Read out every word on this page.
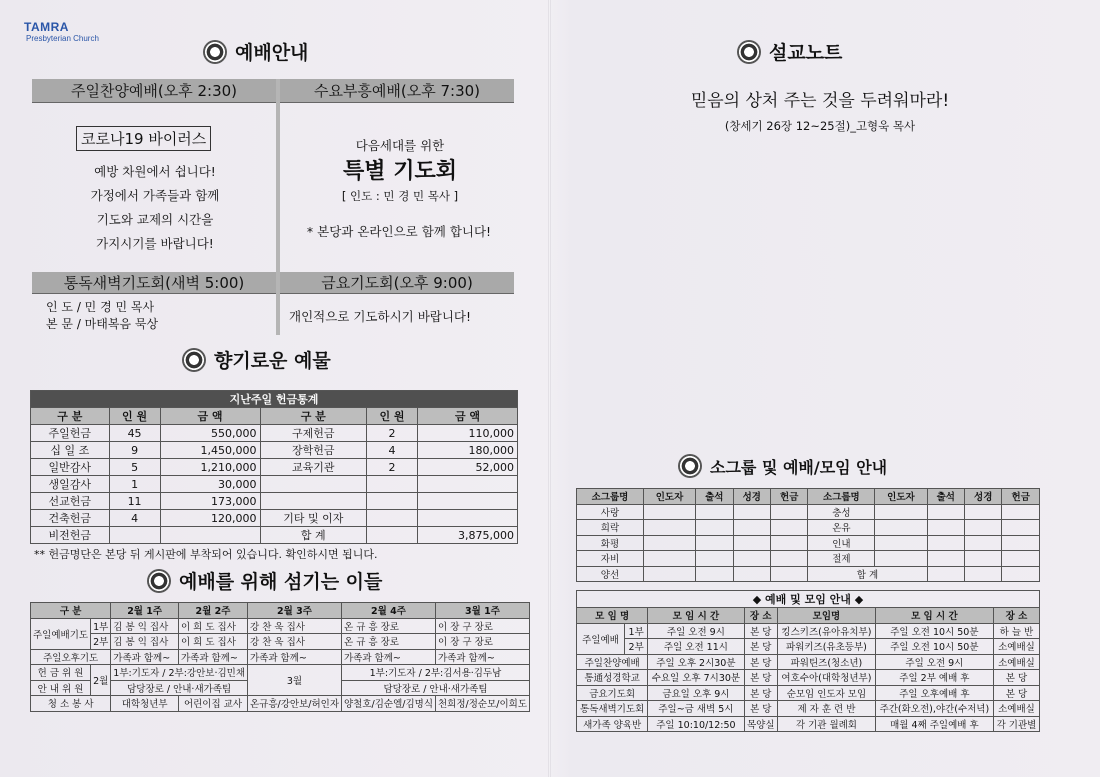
TAMRA
Presbyterian Church
예배안내
주일찬양예배(오후 2:30)	수요부흥예배(오후 7:30)
코로나19 바이러스
예방 차원에서 쉽니다!
가정에서 가족들과 함께
기도와 교제의 시간을
가지시기를 바랍니다!
다음세대를 위한
특별 기도회
[ 인도 : 민 경 민 목사 ]
* 본당과 온라인으로 함께 합니다!
통독새벽기도회(새벽 5:00)	금요기도회(오후 9:00)
인 도 / 민 경 민 목사
본 문 / 마태복음 묵상	개인적으로 기도하시기 바랍니다!
향기로운 예물
지난주일 헌금통계					
구 분	인 원	금 액	구 분	인 원	금 액
주일헌금	45	550,000	구제헌금	2	110,000
십 일 조	9	1,450,000	장학헌금	4	180,000
일반감사	5	1,210,000	교육기관	2	52,000
생일감사	1	30,000			
선교헌금	11	173,000			
건축헌금	4	120,000	기타 및 이자		
비전헌금			합 계		3,875,000
** 헌금명단은 본당 뒤 게시판에 부착되어 있습니다. 확인하시면 됩니다.
예배를 위해 섬기는 이들
구 분		2월 1주	2월 2주	2월 3주	2월 4주	3월 1주
주일예배기도	1부	김 봉 익 집사	이 희 도 집사	강 찬 욱 집사	온 규 흥 장로	이 장 구 장로
	2부	김 봉 익 집사	이 희 도 집사	강 찬 욱 집사	온 규 흥 장로	이 장 구 장로
주일오후기도		가족과 함께~	가족과 함께~	가족과 함께~	가족과 함께~	가족과 함께~
헌 금 위 원	2월	1부:기도자 / 2부:강안보·김민채		3월	1부:기도자 / 2부:김서용·김두남	
안 내 위 원		담당장로 / 안내·새가족팀			담당장로 / 안내·새가족팀	
청 소 봉 사		대학청년부	어린이집 교사	온규흥/강안보/허인자	양철호/김순엘/김명식	천희정/정순모/이희도
설교노트
믿음의 상처 주는 것을 두려워마라!
(창세기 26장 12~25절)_고형욱 목사
소그룹 및 예배/모임 안내
소그룹명	인도자	출석	성경	헌금	소그룹명	인도자	출석	성경	헌금
사랑					충성				
희락					온유				
화평					인내				
자비					절제				
양선					합 계				
◆ 예배 및 모임 안내 ◆						
모 임 명		모 임 시 간	장 소	모임명	모 임 시 간	장 소
주일예배	1부	주일 오전 9시	본 당	킹스키즈(유아유치부)	주일 오전 10시 50분	하 늘 반
	2부	주일 오전 11시	본 당	파워키즈(유초등부)	주일 오전 10시 50분	소예배실
주일찬양예배		주일 오후 2시30분	본 당	파워틴즈(청소년)	주일 오전 9시	소예배실
통通성경학교		수요일 오후 7시30분	본 당	여호수아(대학청년부)	주일 2부 예배 후	본 당
금요기도회		금요일 오후 9시	본 당	순모임 인도자 모임	주일 오후예배 후	본 당
통독새벽기도회		주일~금 새벽 5시	본 당	제 자 훈 련 반	주간(화오전),야간(수저녁)	소예배실
새가족 양육반		주일 10:10/12:50	목양실	각 기관 월례회	매월 4째 주일예배 후	각 기관별
